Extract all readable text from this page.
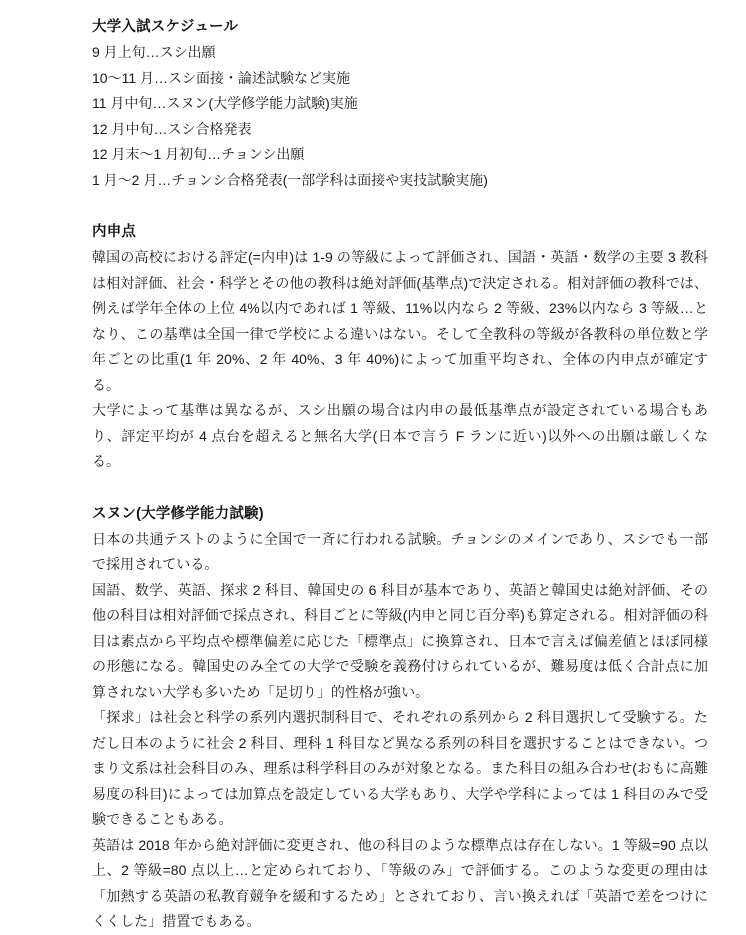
大学入試スケジュール
9 月上旬…スシ出願
10〜11 月…スシ面接・論述試験など実施
11 月中旬…スヌン(大学修学能力試験)実施
12 月中旬…スシ合格発表
12 月末〜1 月初旬…チョンシ出願
1 月〜2 月…チョンシ合格発表(一部学科は面接や実技試験実施)
内申点

韓国の高校における評定(=内申)は 1-9 の等級によって評価され、国語・英語・数学の主要 3 教科は相対評価、社会・科学とその他の教科は絶対評価(基準点)で決定される。相対評価の教科では、例えば学年全体の上位 4%以内であれば 1 等級、11%以内なら 2 等級、23%以内なら 3 等級…となり、この基準は全国一律で学校による違いはない。そして全教科の等級が各教科の単位数と学年ごとの比重(1 年 20%、2 年 40%、3 年 40%)によって加重平均され、全体の内申点が確定する。

大学によって基準は異なるが、スシ出願の場合は内申の最低基準点が設定されている場合もあり、評定平均が 4 点台を超えると無名大学(日本で言う F ランに近い)以外への出願は厳しくなる。

スヌン(大学修学能力試験)

日本の共通テストのように全国で一斉に行われる試験。チョンシのメインであり、スシでも一部で採用されている。

国語、数学、英語、探求 2 科目、韓国史の 6 科目が基本であり、英語と韓国史は絶対評価、その他の科目は相対評価で採点され、科目ごとに等級(内申と同じ百分率)も算定される。相対評価の科目は素点から平均点や標準偏差に応じた「標準点」に換算され、日本で言えば偏差値とほぼ同様の形態になる。韓国史のみ全ての大学で受験を義務付けられているが、難易度は低く合計点に加算されない大学も多いため「足切り」的性格が強い。

「探求」は社会と科学の系列内選択制科目で、それぞれの系列から 2 科目選択して受験する。ただし日本のように社会 2 科目、理科 1 科目など異なる系列の科目を選択することはできない。つまり文系は社会科目のみ、理系は科学科目のみが対象となる。また科目の組み合わせ(おもに高難易度の科目)によっては加算点を設定している大学もあり、大学や学科によっては 1 科目のみで受験できることもある。

英語は 2018 年から絶対評価に変更され、他の科目のような標準点は存在しない。1 等級=90 点以上、2 等級=80 点以上…と定められており、「等級のみ」で評価する。このような変更の理由は「加熱する英語の私教育競争を緩和するため」とされており、言い換えれば「英語で差をつけにくくした」措置でもある。
